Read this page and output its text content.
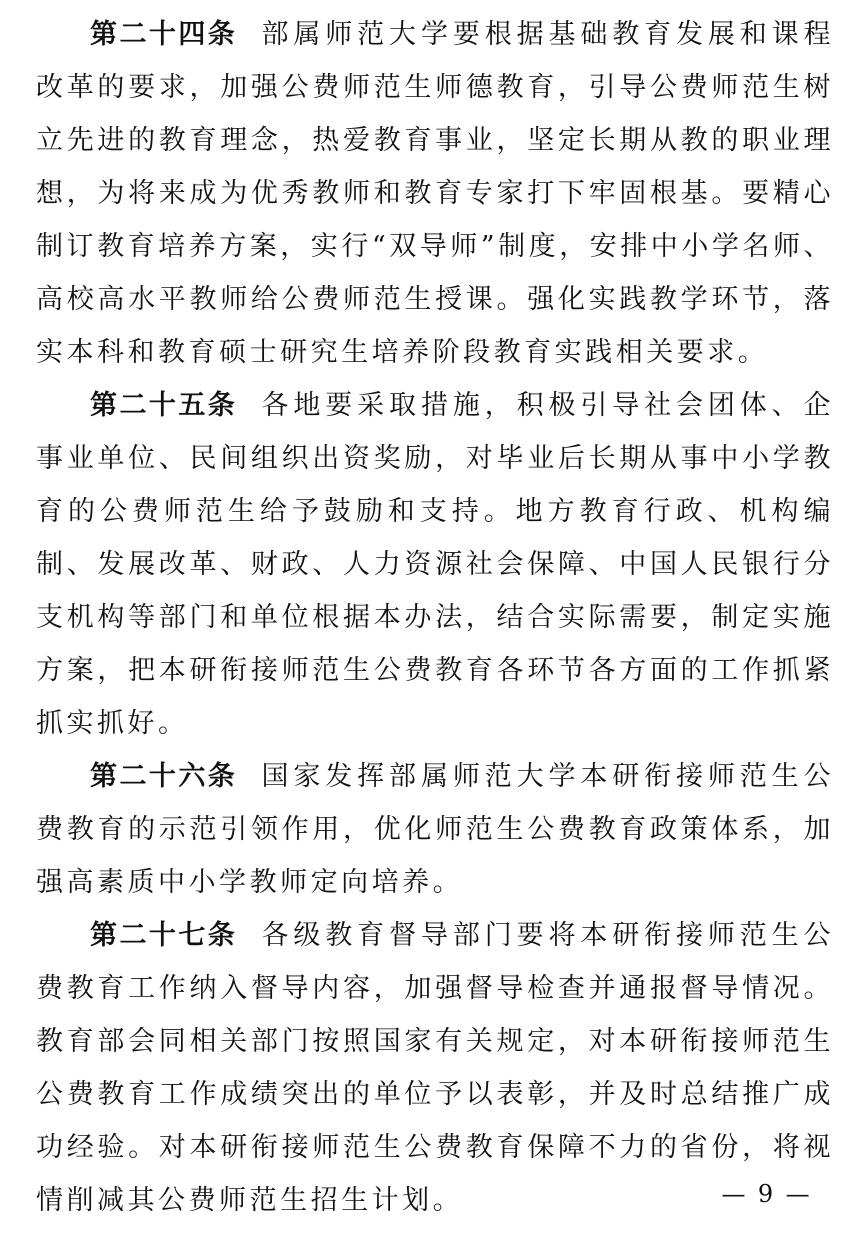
第二十四条 部属师范大学要根据基础教育发展和课程改革的要求，加强公费师范生师德教育，引导公费师范生树立先进的教育理念，热爱教育事业，坚定长期从教的职业理想，为将来成为优秀教师和教育专家打下牢固根基。要精心制订教育培养方案，实行“双导师”制度，安排中小学名师、高校高水平教师给公费师范生授课。强化实践教学环节，落实本科和教育硕士研究生培养阶段教育实践相关要求。

第二十五条 各地要采取措施，积极引导社会团体、企事业单位、民间组织出资奖励，对毕业后长期从事中小学教育的公费师范生给予鼓励和支持。地方教育行政、机构编制、发展改革、财政、人力资源社会保障、中国人民银行分支机构等部门和单位根据本办法，结合实际需要，制定实施方案，把本研衔接师范生公费教育各环节各方面的工作抓紧抓实抓好。

第二十六条 国家发挥部属师范大学本研衔接师范生公费教育的示范引领作用，优化师范生公费教育政策体系，加强高素质中小学教师定向培养。

第二十七条 各级教育督导部门要将本研衔接师范生公费教育工作纳入督导内容，加强督导检查并通报督导情况。教育部会同相关部门按照国家有关规定，对本研衔接师范生公费教育工作成绩突出的单位予以表彰，并及时总结推广成功经验。对本研衔接师范生公费教育保障不力的省份，将视情削减其公费师范生招生计划。	— 9 —
